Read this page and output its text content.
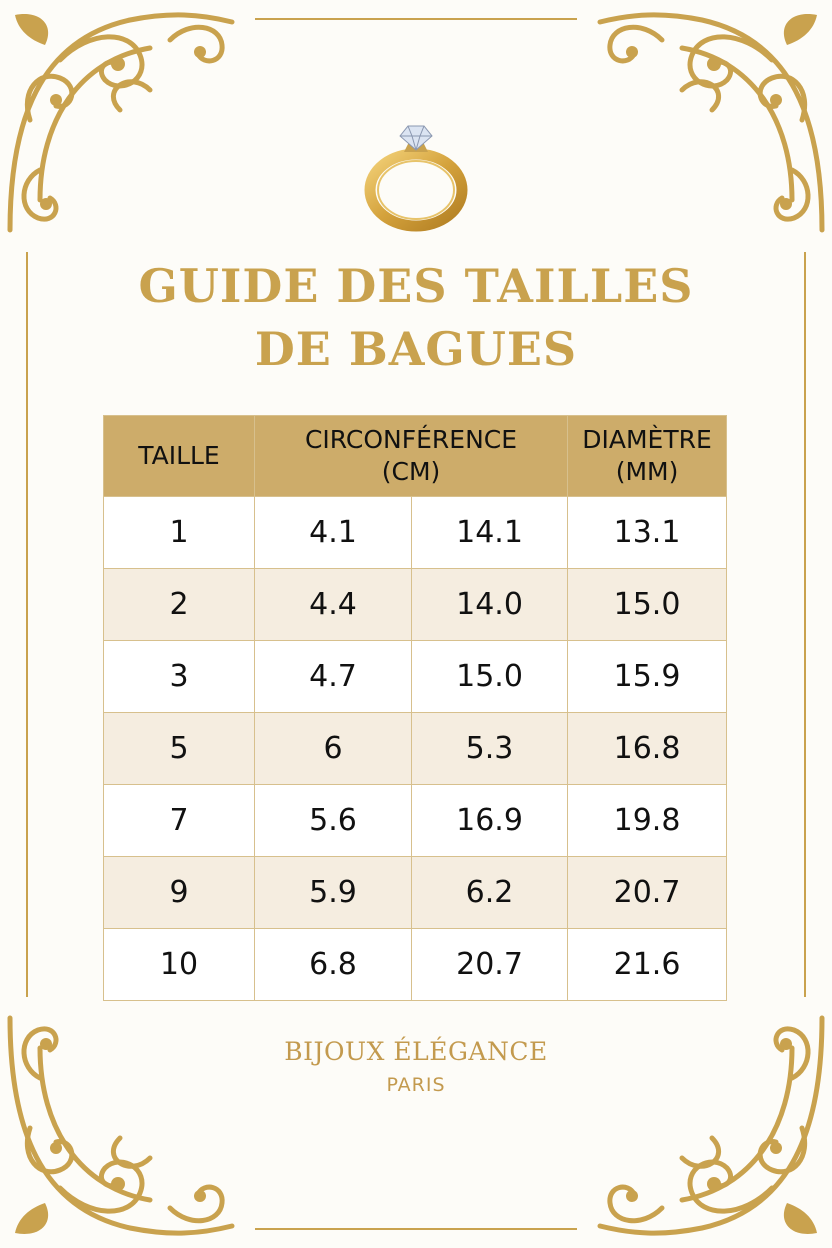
GUIDE DES TAILLES
DE BAGUES
TAILLE	CIRCONFÉRENCE (CM)		DIAMÈTRE (MM)
1	4.1	14.1	13.1
2	4.4	14.0	15.0
3	4.7	15.0	15.9
5	6	5.3	16.8
7	5.6	16.9	19.8
9	5.9	6.2	20.7
10	6.8	20.7	21.6
BIJOUX ÉLÉGANCE
PARIS
